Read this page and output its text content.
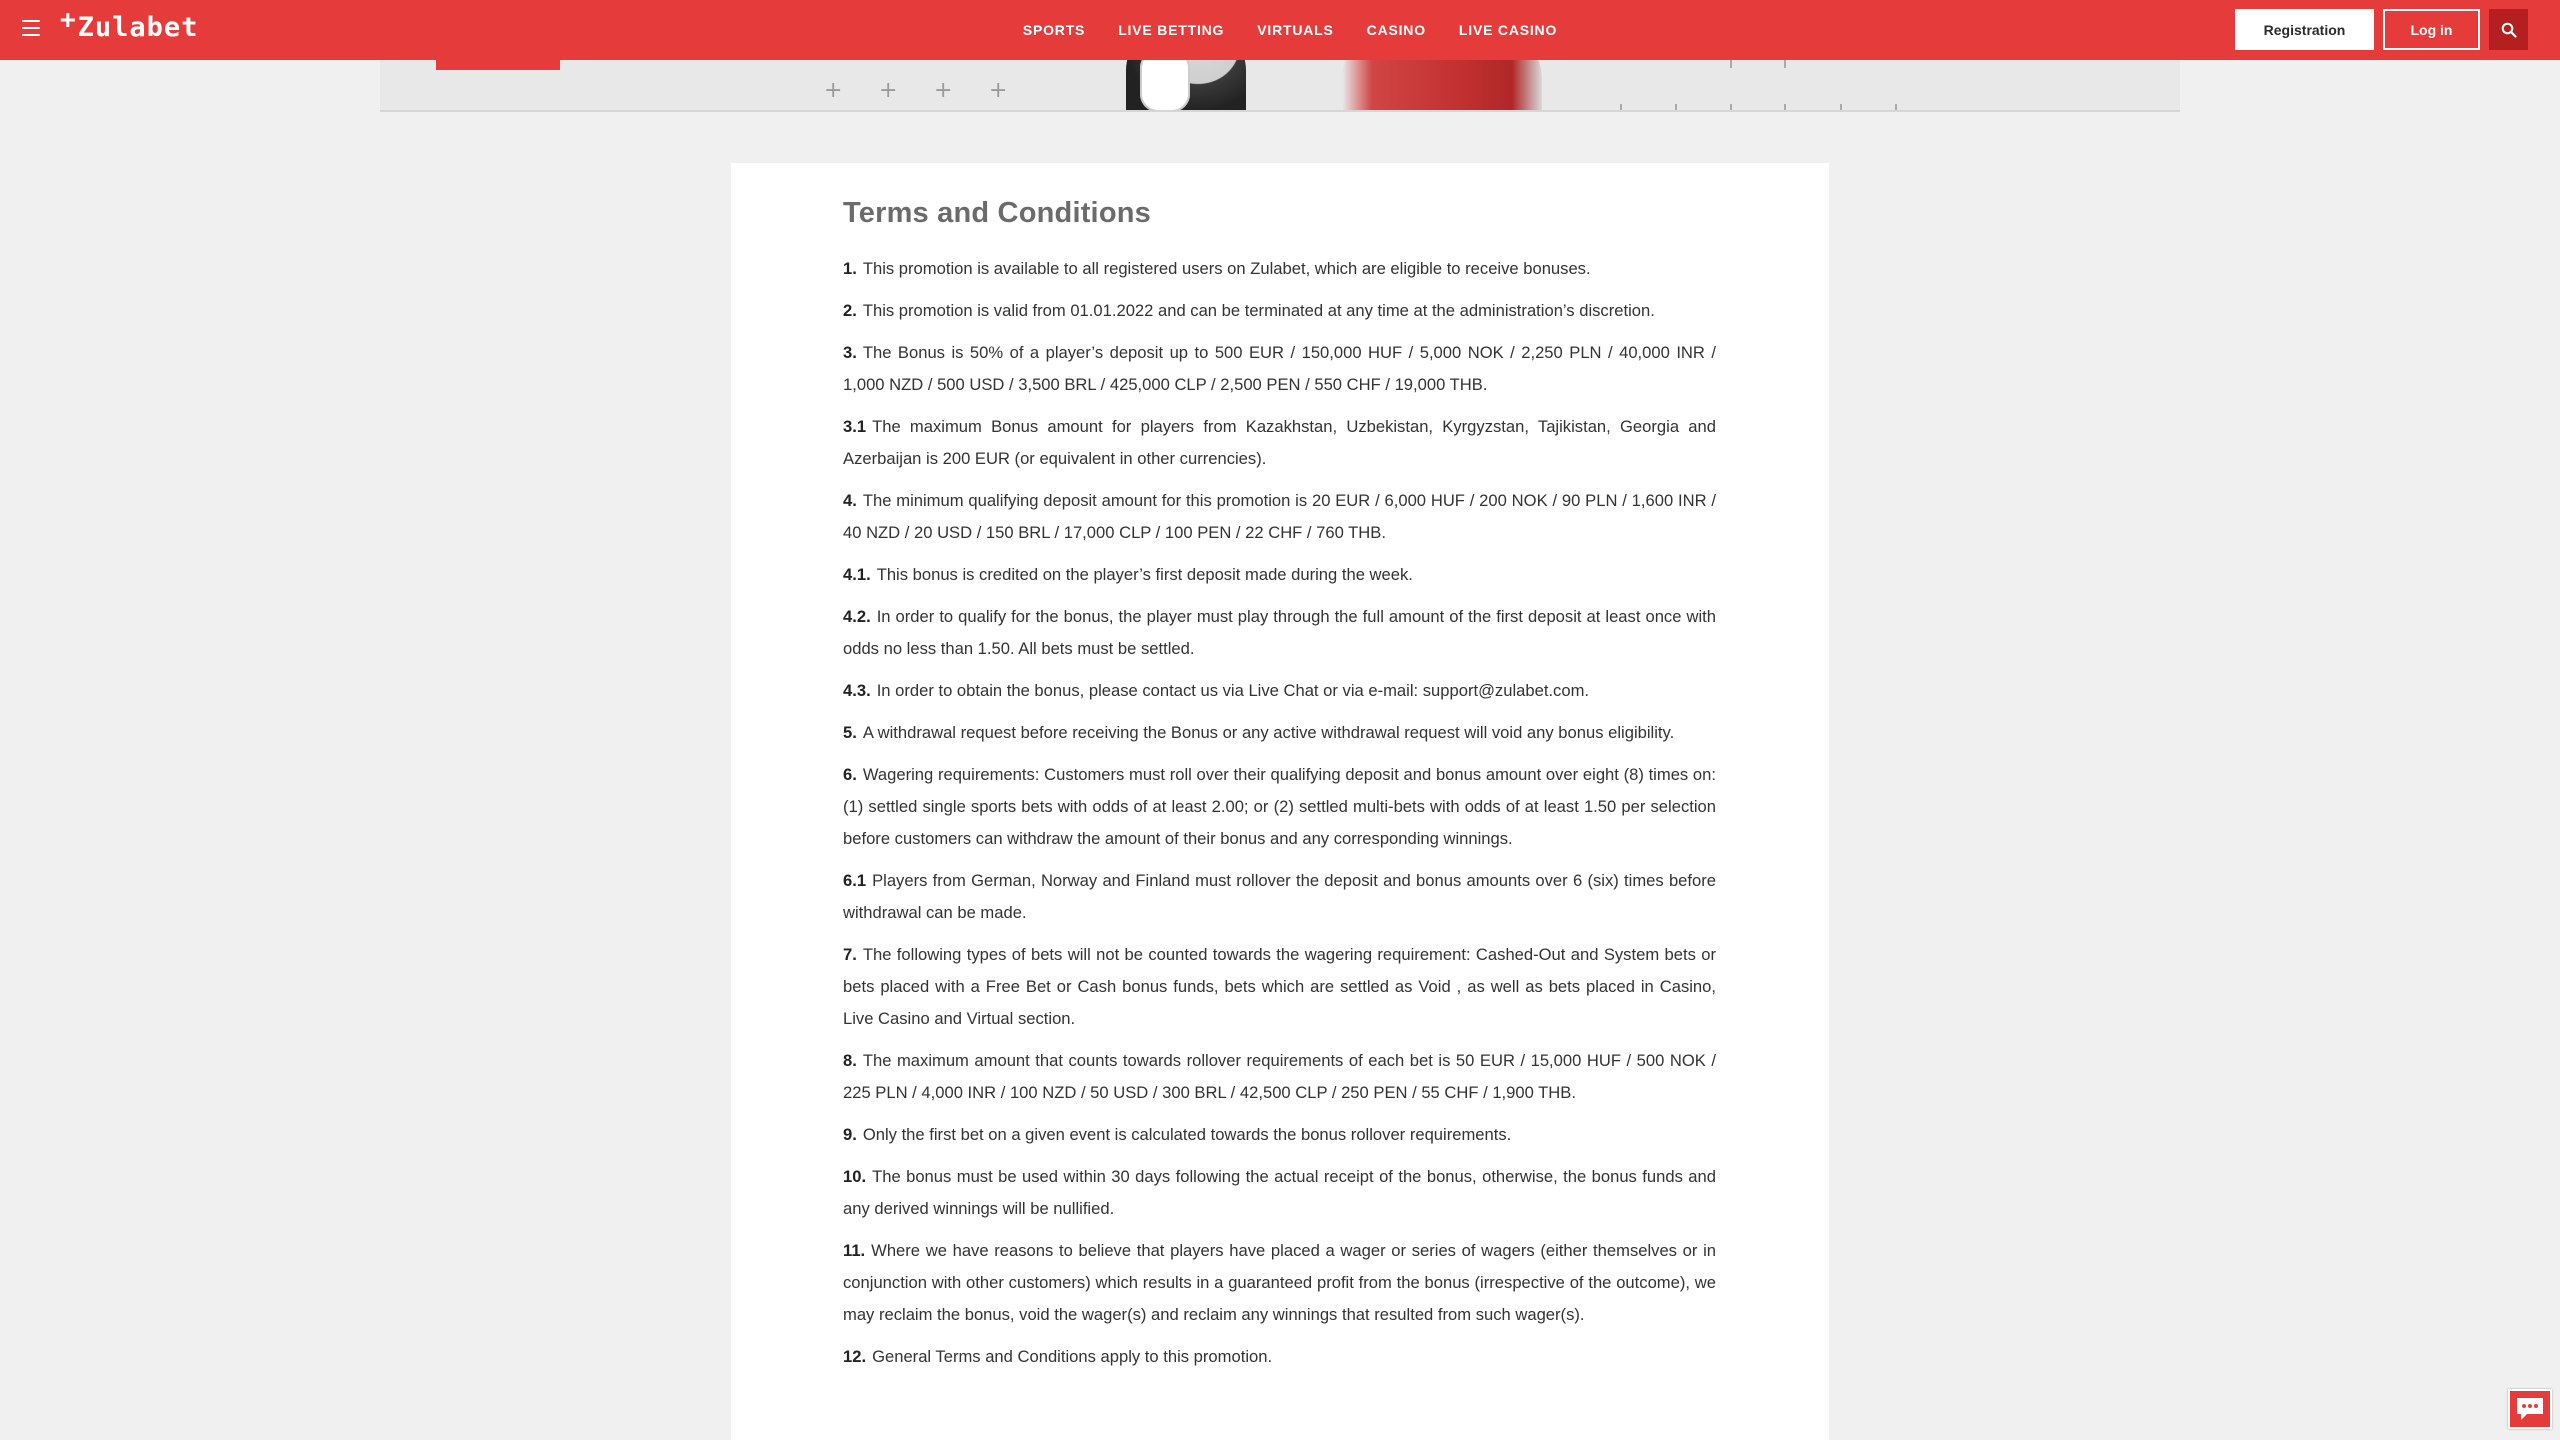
+Zulabet	SPORTS LIVE BETTING VIRTUALS CASINO LIVE CASINO	Registration	Log in
+ + + +
Terms and Conditions

1. This promotion is available to all registered users on Zulabet, which are eligible to receive bonuses.

2. This promotion is valid from 01.01.2022 and can be terminated at any time at the administration’s discretion.

3. The Bonus is 50% of a player’s deposit up to 500 EUR / 150,000 HUF / 5,000 NOK / 2,250 PLN / 40,000 INR / 1,000 NZD / 500 USD / 3,500 BRL / 425,000 CLP / 2,500 PEN / 550 CHF / 19,000 THB.

3.1 The maximum Bonus amount for players from Kazakhstan, Uzbekistan, Kyrgyzstan, Tajikistan, Georgia and Azerbaijan is 200 EUR (or equivalent in other currencies).

4. The minimum qualifying deposit amount for this promotion is 20 EUR / 6,000 HUF / 200 NOK / 90 PLN / 1,600 INR / 40 NZD / 20 USD / 150 BRL / 17,000 CLP / 100 PEN / 22 CHF / 760 THB.

4.1. This bonus is credited on the player’s first deposit made during the week.

4.2. In order to qualify for the bonus, the player must play through the full amount of the first deposit at least once with odds no less than 1.50. All bets must be settled.

4.3. In order to obtain the bonus, please contact us via Live Chat or via e-mail: support@zulabet.com.

5. A withdrawal request before receiving the Bonus or any active withdrawal request will void any bonus eligibility.

6. Wagering requirements: Customers must roll over their qualifying deposit and bonus amount over eight (8) times on: (1) settled single sports bets with odds of at least 2.00; or (2) settled multi-bets with odds of at least 1.50 per selection before customers can withdraw the amount of their bonus and any corresponding winnings.

6.1 Players from German, Norway and Finland must rollover the deposit and bonus amounts over 6 (six) times before withdrawal can be made.

7. The following types of bets will not be counted towards the wagering requirement: Cashed-Out and System bets or bets placed with a Free Bet or Cash bonus funds, bets which are settled as Void , as well as bets placed in Casino, Live Casino and Virtual section.

8. The maximum amount that counts towards rollover requirements of each bet is 50 EUR / 15,000 HUF / 500 NOK / 225 PLN / 4,000 INR / 100 NZD / 50 USD / 300 BRL / 42,500 CLP / 250 PEN / 55 CHF / 1,900 THB.

9. Only the first bet on a given event is calculated towards the bonus rollover requirements.

10. The bonus must be used within 30 days following the actual receipt of the bonus, otherwise, the bonus funds and any derived winnings will be nullified.

11. Where we have reasons to believe that players have placed a wager or series of wagers (either themselves or in conjunction with other customers) which results in a guaranteed profit from the bonus (irrespective of the outcome), we may reclaim the bonus, void the wager(s) and reclaim any winnings that resulted from such wager(s).

12. General Terms and Conditions apply to this promotion.
